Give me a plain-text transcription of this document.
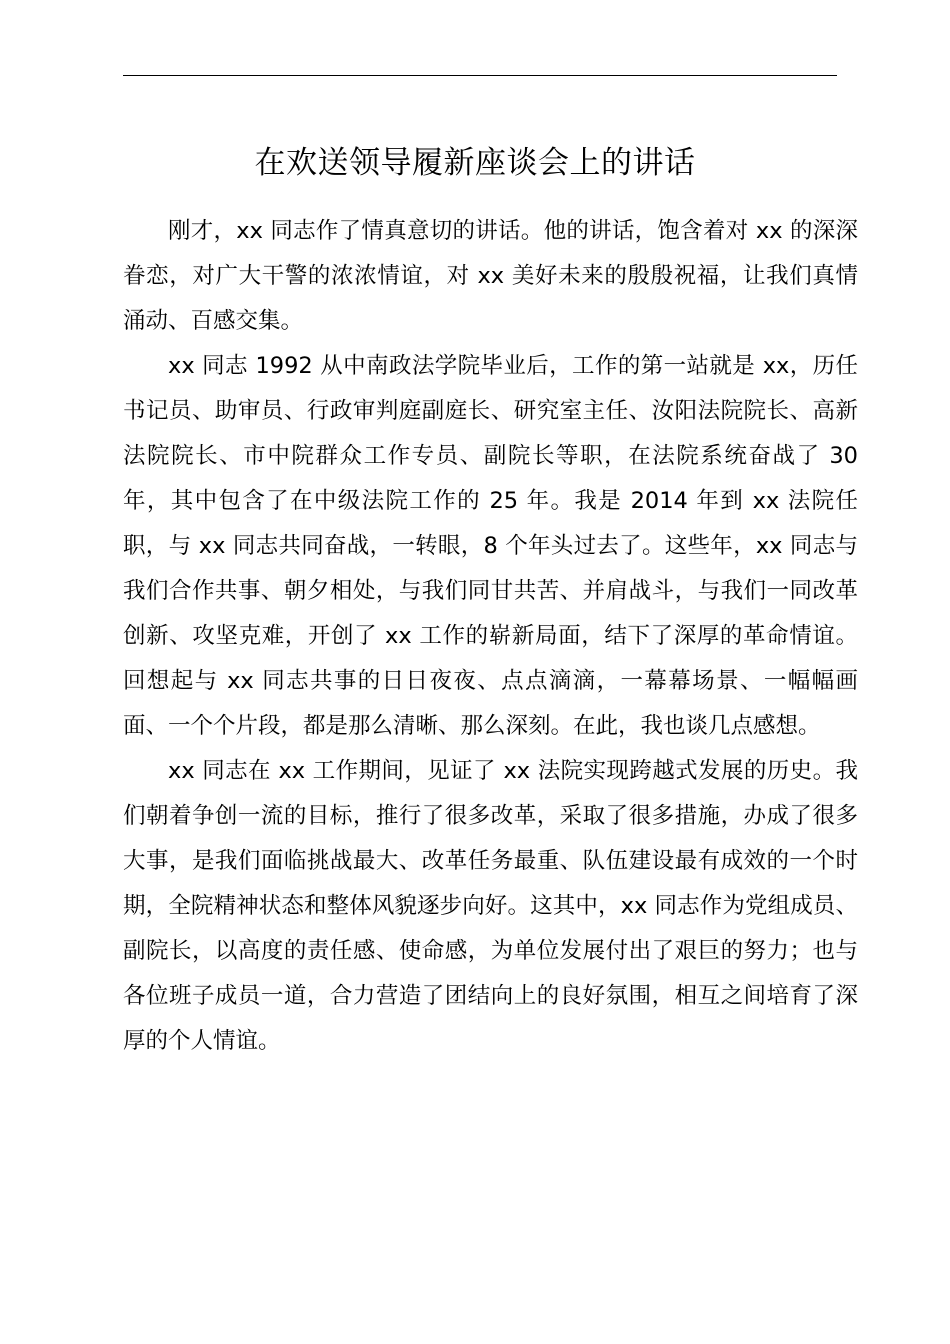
在欢送领导履新座谈会上的讲话

刚才，xx 同志作了情真意切的讲话。他的讲话，饱含着对 xx 的深深眷恋，对广大干警的浓浓情谊，对 xx 美好未来的殷殷祝福，让我们真情涌动、百感交集。

xx 同志 1992 从中南政法学院毕业后，工作的第一站就是 xx，历任书记员、助审员、行政审判庭副庭长、研究室主任、汝阳法院院长、高新法院院长、市中院群众工作专员、副院长等职，在法院系统奋战了 30 年，其中包含了在中级法院工作的 25 年。我是 2014 年到 xx 法院任职，与 xx 同志共同奋战，一转眼，8 个年头过去了。这些年，xx 同志与我们合作共事、朝夕相处，与我们同甘共苦、并肩战斗，与我们一同改革创新、攻坚克难，开创了 xx 工作的崭新局面，结下了深厚的革命情谊。回想起与 xx 同志共事的日日夜夜、点点滴滴，一幕幕场景、一幅幅画面、一个个片段，都是那么清晰、那么深刻。在此，我也谈几点感想。

xx 同志在 xx 工作期间，见证了 xx 法院实现跨越式发展的历史。我们朝着争创一流的目标，推行了很多改革，采取了很多措施，办成了很多大事，是我们面临挑战最大、改革任务最重、队伍建设最有成效的一个时期，全院精神状态和整体风貌逐步向好。这其中，xx 同志作为党组成员、副院长，以高度的责任感、使命感，为单位发展付出了艰巨的努力；也与各位班子成员一道，合力营造了团结向上的良好氛围，相互之间培育了深厚的个人情谊。
